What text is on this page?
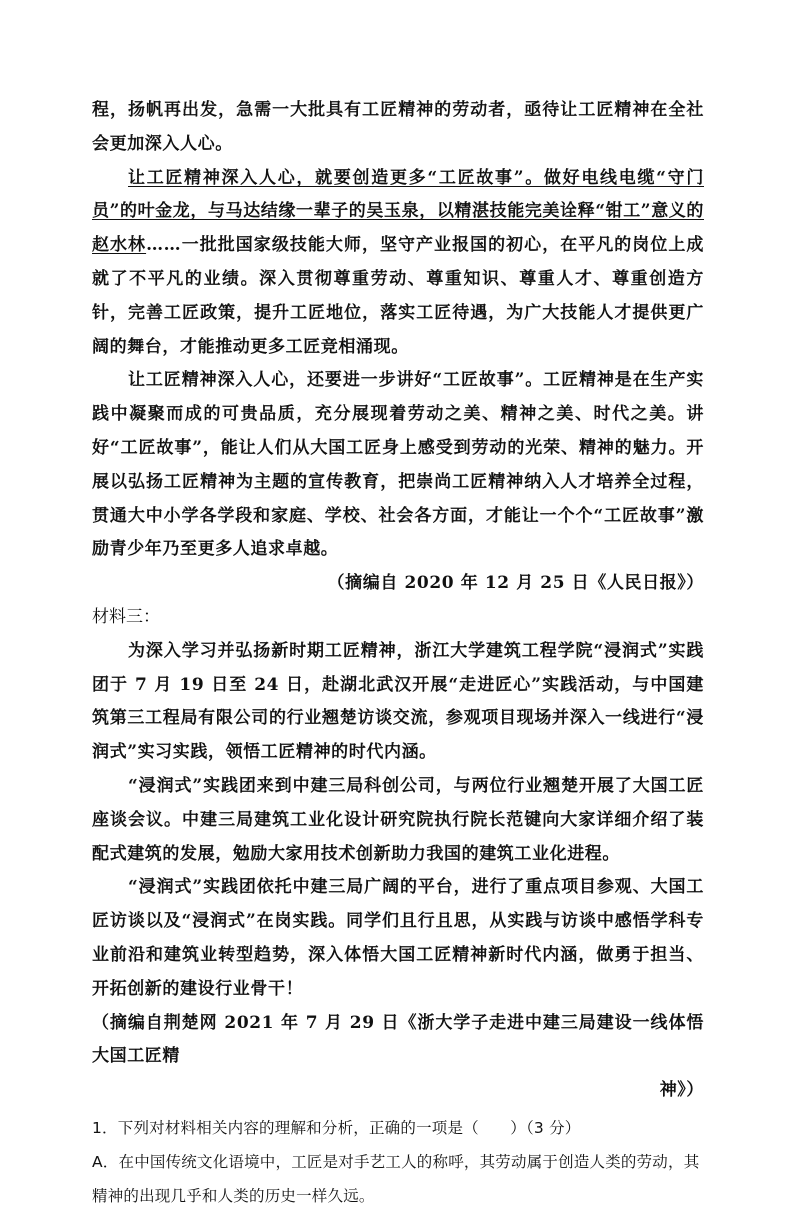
程，扬帆再出发，急需一大批具有工匠精神的劳动者，亟待让工匠精神在全社会更加深入人心。

让工匠精神深入人心，就要创造更多“工匠故事”。做好电线电缆“守门员”的叶金龙，与马达结缘一辈子的吴玉泉，以精湛技能完美诠释“钳工”意义的赵水林……一批批国家级技能大师，坚守产业报国的初心，在平凡的岗位上成就了不平凡的业绩。深入贯彻尊重劳动、尊重知识、尊重人才、尊重创造方针，完善工匠政策，提升工匠地位，落实工匠待遇，为广大技能人才提供更广阔的舞台，才能推动更多工匠竞相涌现。

让工匠精神深入人心，还要进一步讲好“工匠故事”。工匠精神是在生产实践中凝聚而成的可贵品质，充分展现着劳动之美、精神之美、时代之美。讲好“工匠故事”，能让人们从大国工匠身上感受到劳动的光荣、精神的魅力。开展以弘扬工匠精神为主题的宣传教育，把崇尚工匠精神纳入人才培养全过程，贯通大中小学各学段和家庭、学校、社会各方面，才能让一个个“工匠故事”激励青少年乃至更多人追求卓越。

（摘编自 2020 年 12 月 25 日《人民日报》）

材料三：

为深入学习并弘扬新时期工匠精神，浙江大学建筑工程学院“浸润式”实践团于 7 月 19 日至 24 日，赴湖北武汉开展“走进匠心”实践活动，与中国建筑第三工程局有限公司的行业翘楚访谈交流，参观项目现场并深入一线进行“浸润式”实习实践，领悟工匠精神的时代内涵。

“浸润式”实践团来到中建三局科创公司，与两位行业翘楚开展了大国工匠座谈会议。中建三局建筑工业化设计研究院执行院长范键向大家详细介绍了装配式建筑的发展，勉励大家用技术创新助力我国的建筑工业化进程。

“浸润式”实践团依托中建三局广阔的平台，进行了重点项目参观、大国工匠访谈以及“浸润式”在岗实践。同学们且行且思，从实践与访谈中感悟学科专业前沿和建筑业转型趋势，深入体悟大国工匠精神新时代内涵，做勇于担当、开拓创新的建设行业骨干！

（摘编自荆楚网 2021 年 7 月 29 日《浙大学子走进中建三局建设一线体悟大国工匠精

神》）

1．下列对材料相关内容的理解和分析，正确的一项是（　　）（3 分）

A．在中国传统文化语境中，工匠是对手艺工人的称呼，其劳动属于创造人类的劳动，其精神的出现几乎和人类的历史一样久远。
